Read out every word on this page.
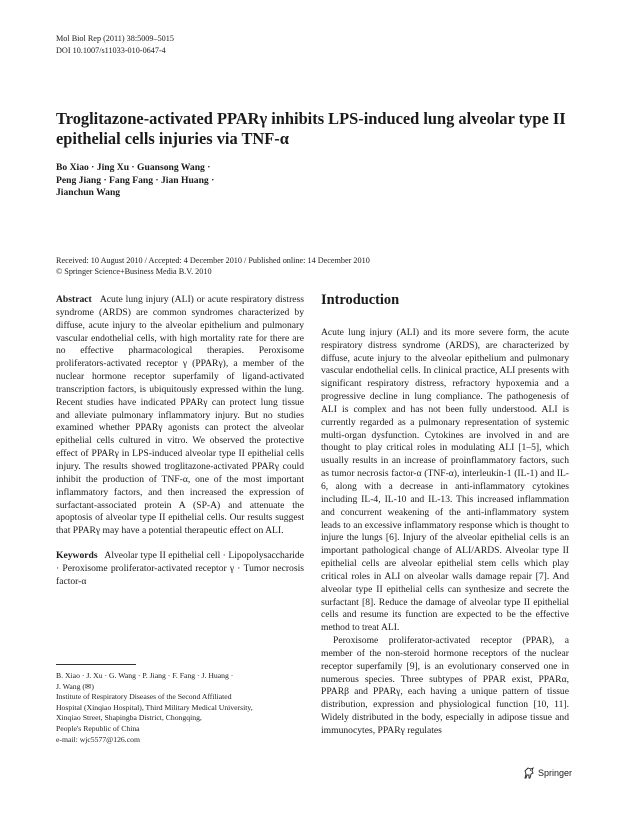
Mol Biol Rep (2011) 38:5009–5015
DOI 10.1007/s11033-010-0647-4
Troglitazone-activated PPARγ inhibits LPS-induced lung alveolar type II epithelial cells injuries via TNF-α
Bo Xiao · Jing Xu · Guansong Wang ·
Peng Jiang · Fang Fang · Jian Huang ·
Jianchun Wang
Received: 10 August 2010 / Accepted: 4 December 2010 / Published online: 14 December 2010
© Springer Science+Business Media B.V. 2010

Abstract Acute lung injury (ALI) or acute respiratory distress syndrome (ARDS) are common syndromes characterized by diffuse, acute injury to the alveolar epithelium and pulmonary vascular endothelial cells, with high mortality rate for there are no effective pharmacological therapies. Peroxisome proliferators-activated receptor γ (PPARγ), a member of the nuclear hormone receptor superfamily of ligand-activated transcription factors, is ubiquitously expressed within the lung. Recent studies have indicated PPARγ can protect lung tissue and alleviate pulmonary inflammatory injury. But no studies examined whether PPARγ agonists can protect the alveolar epithelial cells cultured in vitro. We observed the protective effect of PPARγ in LPS-induced alveolar type II epithelial cells injury. The results showed troglitazone-activated PPARγ could inhibit the production of TNF-α, one of the most important inflammatory factors, and then increased the expression of surfactant-associated protein A (SP-A) and attenuate the apoptosis of alveolar type II epithelial cells. Our results suggest that PPARγ may have a potential therapeutic effect on ALI.

Keywords Alveolar type II epithelial cell · Lipopolysaccharide · Peroxisome proliferator-activated receptor γ · Tumor necrosis factor-α

B. Xiao · J. Xu · G. Wang · P. Jiang · F. Fang · J. Huang ·
J. Wang (✉)
Institute of Respiratory Diseases of the Second Affiliated
Hospital (Xinqiao Hospital), Third Military Medical University,
Xinqiao Street, Shapingba District, Chongqing,
People's Republic of China
e-mail: wjc5577@126.com
Introduction

Acute lung injury (ALI) and its more severe form, the acute respiratory distress syndrome (ARDS), are characterized by diffuse, acute injury to the alveolar epithelium and pulmonary vascular endothelial cells. In clinical practice, ALI presents with significant respiratory distress, refractory hypoxemia and a progressive decline in lung compliance. The pathogenesis of ALI is complex and has not been fully understood. ALI is currently regarded as a pulmonary representation of systemic multi-organ dysfunction. Cytokines are involved in and are thought to play critical roles in modulating ALI [1–5], which usually results in an increase of proinflammatory factors, such as tumor necrosis factor-α (TNF-α), interleukin-1 (IL-1) and IL-6, along with a decrease in anti-inflammatory cytokines including IL-4, IL-10 and IL-13. This increased inflammation and concurrent weakening of the anti-inflammatory system leads to an excessive inflammatory response which is thought to injure the lungs [6]. Injury of the alveolar epithelial cells is an important pathological change of ALI/ARDS. Alveolar type II epithelial cells are alveolar epithelial stem cells which play critical roles in ALI on alveolar walls damage repair [7]. And alveolar type II epithelial cells can synthesize and secrete the surfactant [8]. Reduce the damage of alveolar type II epithelial cells and resume its function are expected to be the effective method to treat ALI.

Peroxisome proliferator-activated receptor (PPAR), a member of the non-steroid hormone receptors of the nuclear receptor superfamily [9], is an evolutionary conserved one in numerous species. Three subtypes of PPAR exist, PPARα, PPARβ and PPARγ, each having a unique pattern of tissue distribution, expression and physiological function [10, 11]. Widely distributed in the body, especially in adipose tissue and immunocytes, PPARγ regulates

Springer
